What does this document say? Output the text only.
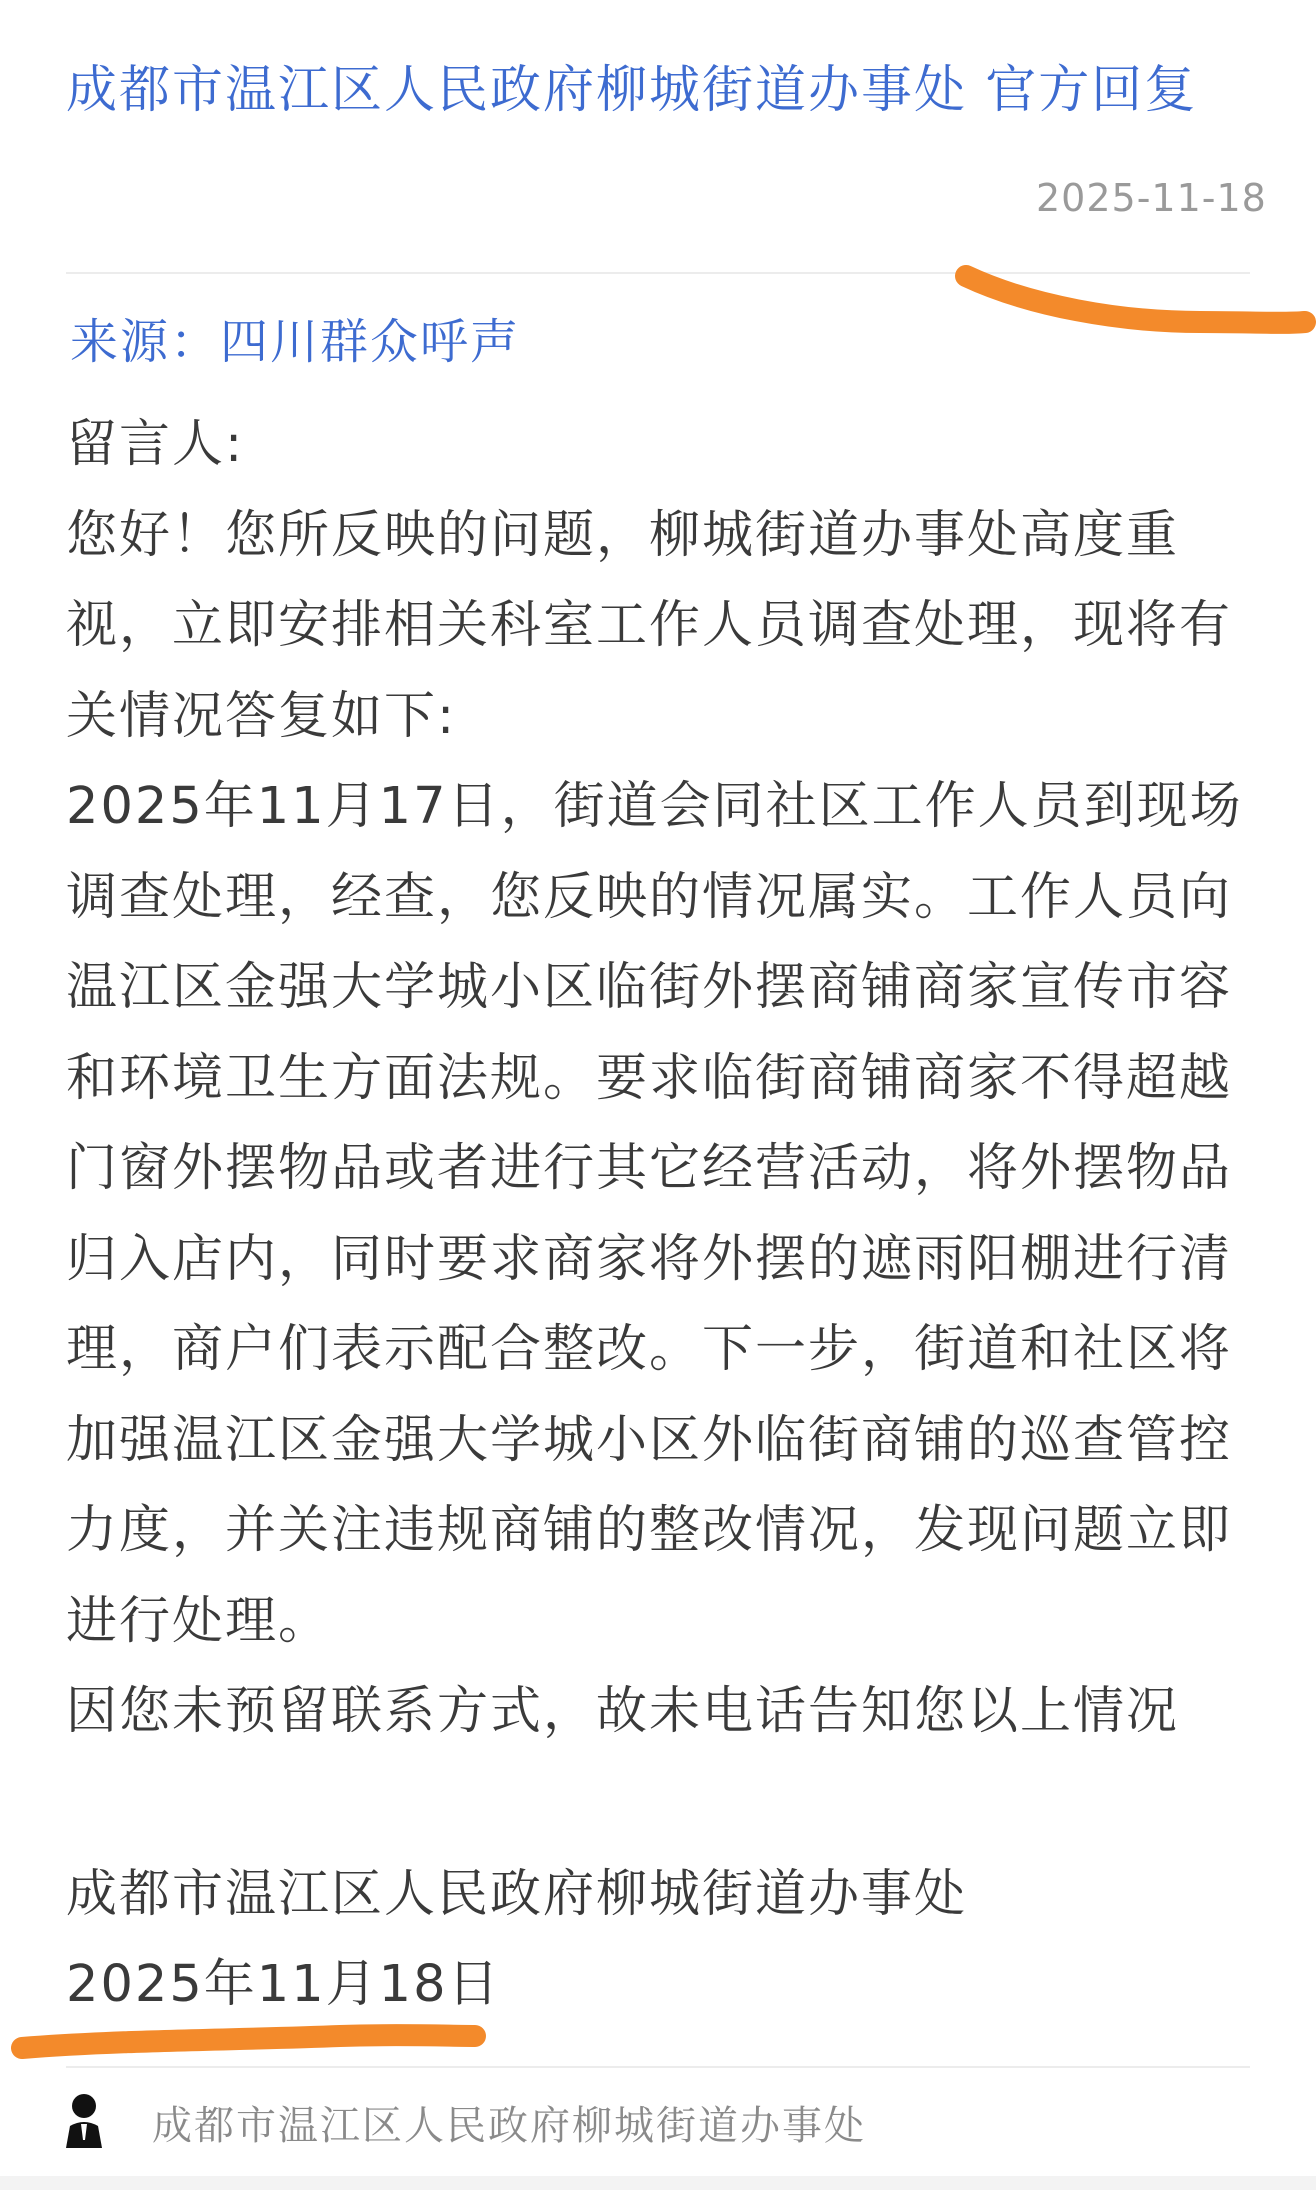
成都市温江区人民政府柳城街道办事处 官方回复
2025-11-18
来源：四川群众呼声

留言人:

您好！您所反映的问题，柳城街道办事处高度重视，立即安排相关科室工作人员调查处理，现将有关情况答复如下:

2025年11月17日，街道会同社区工作人员到现场调查处理，经查，您反映的情况属实。工作人员向温江区金强大学城小区临街外摆商铺商家宣传市容和环境卫生方面法规。要求临街商铺商家不得超越门窗外摆物品或者进行其它经营活动，将外摆物品归入店内，同时要求商家将外摆的遮雨阳棚进行清理，商户们表示配合整改。下一步，街道和社区将加强温江区金强大学城小区外临街商铺的巡查管控力度，并关注违规商铺的整改情况，发现问题立即进行处理。

因您未预留联系方式，故未电话告知您以上情况

成都市温江区人民政府柳城街道办事处

2025年11月18日

成都市温江区人民政府柳城街道办事处
